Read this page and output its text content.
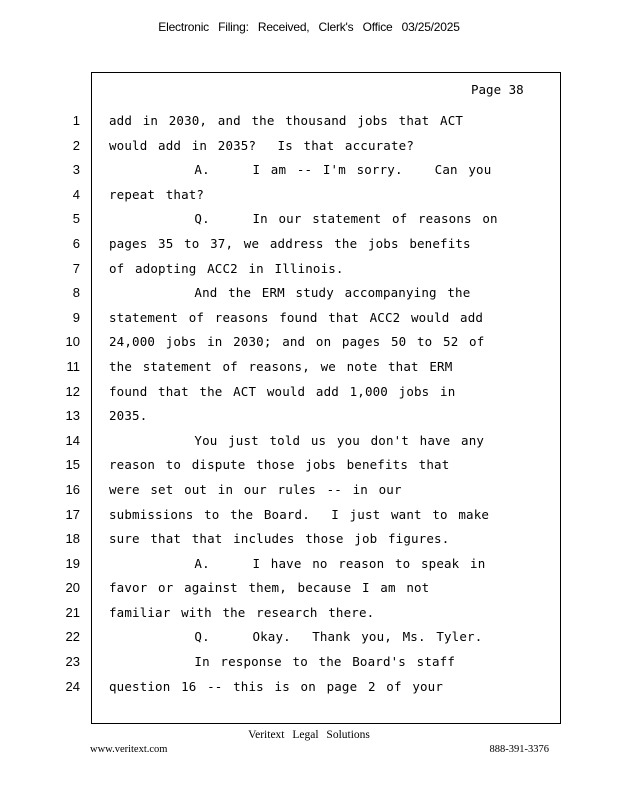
Electronic Filing: Received, Clerk's Office 03/25/2025
Page 38
1 add in 2030, and the thousand jobs that ACT
2 would add in 2035?  Is that accurate?
3 A.    I am -- I'm sorry.   Can you
4 repeat that?
5 Q.    In our statement of reasons on
6 pages 35 to 37, we address the jobs benefits
7 of adopting ACC2 in Illinois.
8 And the ERM study accompanying the
9 statement of reasons found that ACC2 would add
10 24,000 jobs in 2030; and on pages 50 to 52 of
11 the statement of reasons, we note that ERM
12 found that the ACT would add 1,000 jobs in
13 2035.
14 You just told us you don't have any
15 reason to dispute those jobs benefits that
16 were set out in our rules -- in our
17 submissions to the Board.  I just want to make
18 sure that that includes those job figures.
19 A.    I have no reason to speak in
20 favor or against them, because I am not
21 familiar with the research there.
22 Q.    Okay.  Thank you, Ms. Tyler.
23 In response to the Board's staff
24 question 16 -- this is on page 2 of your
Veritext Legal Solutions
www.veritext.com	888-391-3376
